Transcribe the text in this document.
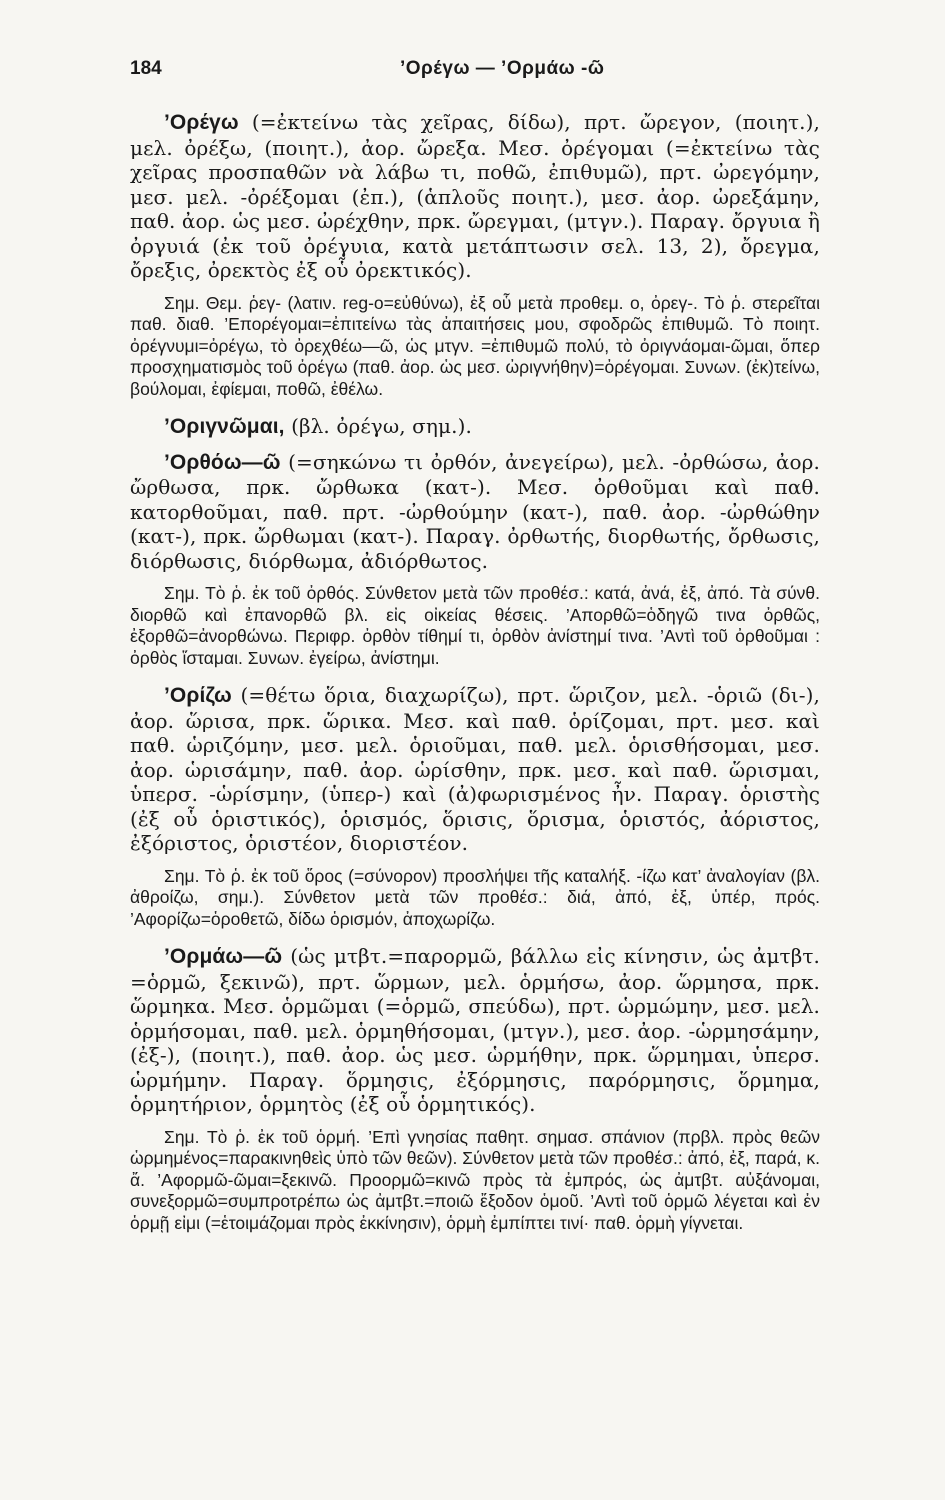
184	’Ορέγω — ’Ορμάω -ῶ

’Ορέγω (=ἐκτείνω τὰς χεῖρας, δίδω), πρτ. ὤρεγον, (ποιητ.), μελ. ὀρέξω, (ποιητ.), ἀορ. ὤρεξα. Μεσ. ὀρέγομαι (=ἐκτείνω τὰς χεῖρας προσπαθῶν νὰ λάβω τι, ποθῶ, ἐπιθυμῶ), πρτ. ὠρεγόμην, μεσ. μελ. -ὀρέξομαι (ἐπ.), (ἁπλοῦς ποιητ.), μεσ. ἀορ. ὠρεξάμην, παθ. ἀορ. ὡς μεσ. ὠρέχθην, πρκ. ὤρεγμαι, (μτγν.). Παραγ. ὄργυια ἢ ὀργυιά (ἐκ τοῦ ὀρέγυια, κατὰ μετάπτωσιν σελ. 13, 2), ὄρεγμα, ὄρεξις, ὀρεκτὸς ἐξ οὗ ὀρεκτικός).

Σημ. Θεμ. ῥεγ- (λατιν. reg-o=εὐθύνω), ἐξ οὗ μετὰ προθεμ. ο, ὀρεγ-. Τὸ ῥ. στερεῖται παθ. διαθ. ’Επορέγομαι=ἐπιτείνω τὰς ἀπαιτήσεις μου, σφοδρῶς ἐπιθυμῶ. Τὸ ποιητ. ὀρέγνυμι=ὀρέγω, τὸ ὀρεχθέω—ῶ, ὡς μτγν. =ἐπιθυμῶ πολύ, τὸ ὀριγνάομαι-ῶμαι, ὅπερ προσχηματισμὸς τοῦ ὀρέγω (παθ. ἀορ. ὡς μεσ. ὠριγνήθην)=ὀρέγομαι. Συνων. (ἐκ)τείνω, βούλομαι, ἐφίεμαι, ποθῶ, ἐθέλω.

’Οριγνῶμαι, (βλ. ὀρέγω, σημ.).

’Ορθόω—ῶ (=σηκώνω τι ὀρθόν, ἀνεγείρω), μελ. -ὀρθώσω, ἀορ. ὤρθωσα, πρκ. ὤρθωκα (κατ-). Μεσ. ὀρθοῦμαι καὶ παθ. κατορθοῦμαι, παθ. πρτ. -ὠρθούμην (κατ-), παθ. ἀορ. -ὠρθώθην (κατ-), πρκ. ὤρθωμαι (κατ-). Παραγ. ὀρθωτής, διορθωτής, ὄρθωσις, διόρθωσις, διόρθωμα, ἀδιόρθωτος.

Σημ. Τὸ ῥ. ἐκ τοῦ ὀρθός. Σύνθετον μετὰ τῶν προθέσ.: κατά, ἀνά, ἐξ, ἀπό. Τὰ σύνθ. διορθῶ καὶ ἐπανορθῶ βλ. εἰς οἰκείας θέσεις. ’Απορθῶ=ὁδηγῶ τινα ὀρθῶς, ἐξορθῶ=ἀνορθώνω. Περιφρ. ὀρθὸν τίθημί τι, ὀρθὸν ἀνίστημί τινα. ’Αντὶ τοῦ ὀρθοῦμαι : ὀρθὸς ἵσταμαι. Συνων. ἐγείρω, ἀνίστημι.

’Ορίζω (=θέτω ὅρια, διαχωρίζω), πρτ. ὥριζον, μελ. -ὁριῶ (δι-), ἀορ. ὥρισα, πρκ. ὥρικα. Μεσ. καὶ παθ. ὁρίζομαι, πρτ. μεσ. καὶ παθ. ὡριζόμην, μεσ. μελ. ὁριοῦμαι, παθ. μελ. ὁρισθήσομαι, μεσ. ἀορ. ὡρισάμην, παθ. ἀορ. ὡρίσθην, πρκ. μεσ. καὶ παθ. ὥρισμαι, ὑπερσ. -ὡρίσμην, (ὑπερ-) καὶ (ἀ)φωρισμένος ἦν. Παραγ. ὁριστὴς (ἐξ οὗ ὁριστικός), ὁρισμός, ὅρισις, ὅρισμα, ὁριστός, ἀόριστος, ἐξόριστος, ὁριστέον, διοριστέον.

Σημ. Τὸ ῥ. ἐκ τοῦ ὅρος (=σύνορον) προσλήψει τῆς καταλήξ. -ίζω κατ’ ἀναλογίαν (βλ. ἀθροίζω, σημ.). Σύνθετον μετὰ τῶν προθέσ.: διά, ἀπό, ἐξ, ὑπέρ, πρός. ’Αφορίζω=ὁροθετῶ, δίδω ὁρισμόν, ἀποχωρίζω.

’Ορμάω—ῶ (ὡς μτβτ.=παρορμῶ, βάλλω εἰς κίνησιν, ὡς ἀμτβτ. =ὁρμῶ, ξεκινῶ), πρτ. ὥρμων, μελ. ὁρμήσω, ἀορ. ὥρμησα, πρκ. ὥρμηκα. Μεσ. ὁρμῶμαι (=ὁρμῶ, σπεύδω), πρτ. ὡρμώμην, μεσ. μελ. ὁρμήσομαι, παθ. μελ. ὁρμηθήσομαι, (μτγν.), μεσ. ἀορ. -ὡρμησάμην, (ἐξ-), (ποιητ.), παθ. ἀορ. ὡς μεσ. ὡρμήθην, πρκ. ὥρμημαι, ὑπερσ. ὡρμήμην. Παραγ. ὅρμησις, ἐξόρμησις, παρόρμησις, ὅρμημα, ὁρμητήριον, ὁρμητὸς (ἐξ οὗ ὁρμητικός).

Σημ. Τὸ ῥ. ἐκ τοῦ ὁρμή. ’Επὶ γνησίας παθητ. σημασ. σπάνιον (πρβλ. πρὸς θεῶν ὡρμημένος=παρακινηθεὶς ὑπὸ τῶν θεῶν). Σύνθετον μετὰ τῶν προθέσ.: ἀπό, ἐξ, παρά, κ. ἄ. ’Αφορμῶ-ῶμαι=ξεκινῶ. Προορμῶ=κινῶ πρὸς τὰ ἐμπρός, ὡς ἀμτβτ. αὐξάνομαι, συνεξορμῶ=συμπροτρέπω ὡς ἀμτβτ.=ποιῶ ἔξοδον ὁμοῦ. ’Αντὶ τοῦ ὁρμῶ λέγεται καὶ ἐν ὁρμῇ εἰμι (=ἑτοιμάζομαι πρὸς ἐκκίνησιν), ὁρμὴ ἐμπίπτει τινί· παθ. ὁρμὴ γίγνεται.
